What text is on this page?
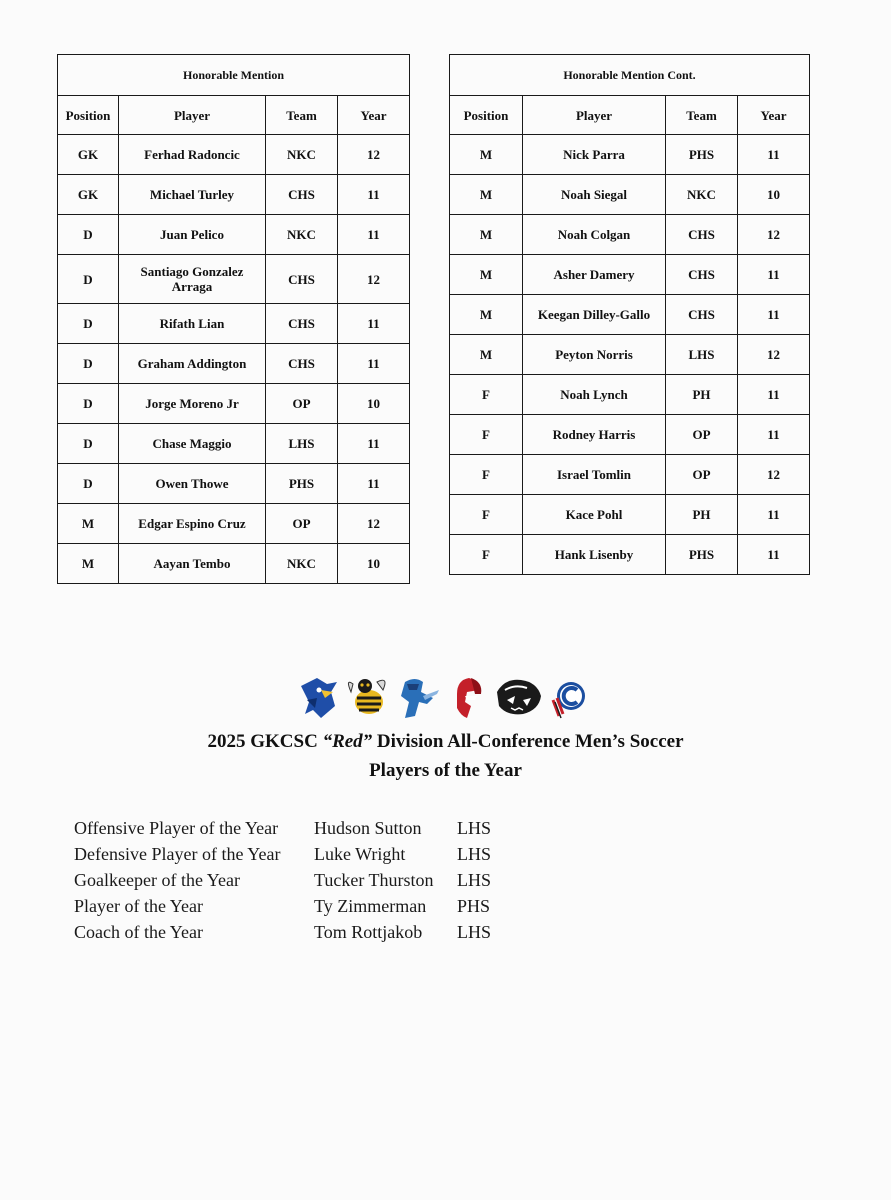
Honorable Mention			
Position	Player	Team	Year
GK	Ferhad Radoncic	NKC	12
GK	Michael Turley	CHS	11
D	Juan Pelico	NKC	11
D	Santiago Gonzalez Arraga	CHS	12
D	Rifath Lian	CHS	11
D	Graham Addington	CHS	11
D	Jorge Moreno Jr	OP	10
D	Chase Maggio	LHS	11
D	Owen Thowe	PHS	11
M	Edgar Espino Cruz	OP	12
M	Aayan Tembo	NKC	10
Honorable Mention Cont.			
Position	Player	Team	Year
M	Nick Parra	PHS	11
M	Noah Siegal	NKC	10
M	Noah Colgan	CHS	12
M	Asher Damery	CHS	11
M	Keegan Dilley-Gallo	CHS	11
M	Peyton Norris	LHS	12
F	Noah Lynch	PH	11
F	Rodney Harris	OP	11
F	Israel Tomlin	OP	12
F	Kace Pohl	PH	11
F	Hank Lisenby	PHS	11
2025 GKCSC “Red” Division All-Conference Men’s Soccer
Players of the Year
Offensive Player of the Year Hudson Sutton LHS
Defensive Player of the Year Luke Wright	LHS
Goalkeeper of the Year	Tucker Thurston LHS
Player of the Year	Ty Zimmerman PHS
Coach of the Year	Tom Rottjakob LHS
